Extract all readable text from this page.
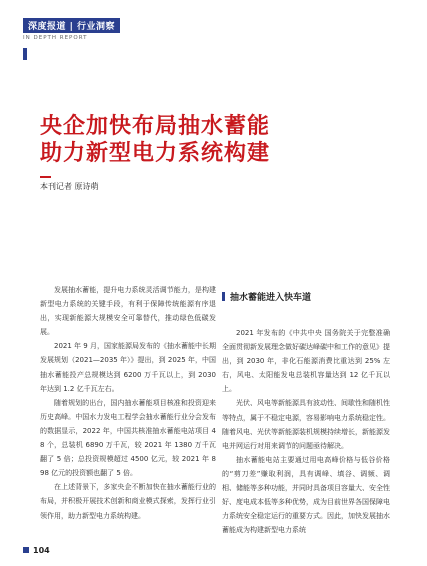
深度报道 | 行业洞察
IN DEPTH REPORT
央企加快布局抽水蓄能
助力新型电力系统构建
本刊记者 原诗萌

发展抽水蓄能，提升电力系统灵活调节能力，是构建新型电力系统的关键手段，有利于保障传统能源有序退出，实现新能源大规模安全可靠替代，推动绿色低碳发展。

2021 年 9 月，国家能源局发布的《抽水蓄能中长期发展规划（2021—2035 年）》提出，到 2025 年，中国抽水蓄能投产总规模达到 6200 万千瓦以上，到 2030 年达到 1.2 亿千瓦左右。

随着规划的出台，国内抽水蓄能项目核准和投资迎来历史高峰。中国水力发电工程学会抽水蓄能行业分会发布的数据显示，2022 年，中国共核准抽水蓄能电站项目 48 个，总装机 6890 万千瓦，较 2021 年 1380 万千瓦翻了 5 倍；总投资规模超过 4500 亿元，较 2021 年 898 亿元的投资额也翻了 5 倍。

在上述背景下，多家央企不断加快在抽水蓄能行业的布局，并积极开展技术创新和商业模式探索，发挥行业引领作用，助力新型电力系统构建。

抽水蓄能进入快车道

2021 年发布的《中共中央 国务院关于完整准确全面贯彻新发展理念做好碳达峰碳中和工作的意见》提出，到 2030 年，非化石能源消费比重达到 25% 左右，风电、太阳能发电总装机容量达到 12 亿千瓦以上。

光伏、风电等新能源具有波动性、间歇性和随机性等特点，属于不稳定电源，容易影响电力系统稳定性。随着风电、光伏等新能源装机规模持续增长，新能源发电并网运行对用来调节的问题亟待解决。

抽水蓄能电站主要通过用电高峰价格与低谷价格的“剪刀差”赚取利润，具有调峰、填谷、调频、调相、储能等多种功能，并同时具备项目容量大、安全性好、度电成本低等多种优势，成为目前世界各国保障电力系统安全稳定运行的重要方式。因此，加快发展抽水蓄能成为构建新型电力系统

104
